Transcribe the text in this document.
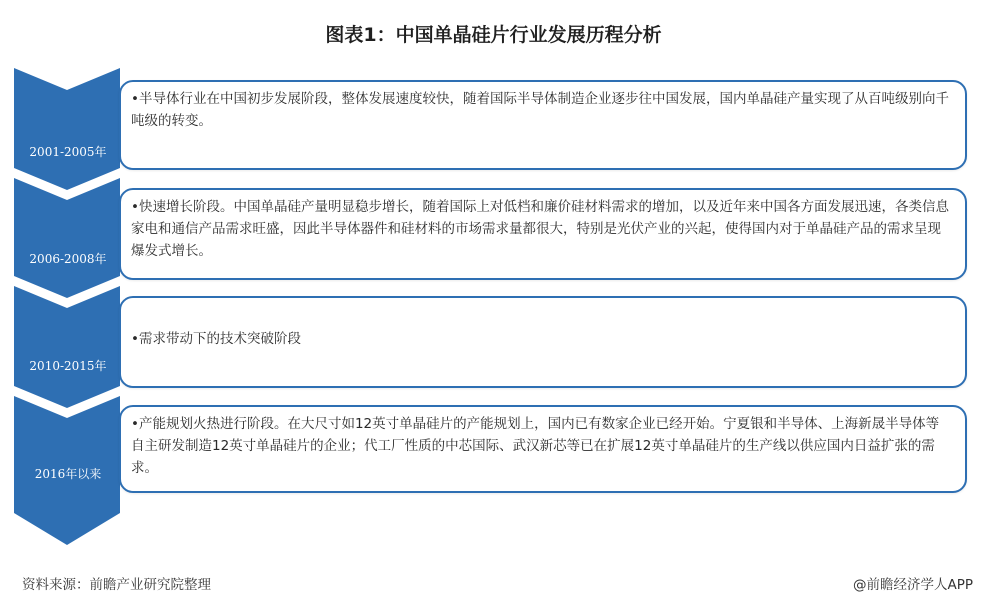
图表1：中国单晶硅片行业发展历程分析
2001-2005年
2006-2008年
2010-2015年
2016年以来
•半导体行业在中国初步发展阶段，整体发展速度较快，随着国际半导体制造企业逐步往中国发展，国内单晶硅产量实现了从百吨级别向千吨级的转变。
•快速增长阶段。中国单晶硅产量明显稳步增长，随着国际上对低档和廉价硅材料需求的增加，以及近年来中国各方面发展迅速，各类信息家电和通信产品需求旺盛，因此半导体器件和硅材料的市场需求量都很大，特别是光伏产业的兴起，使得国内对于单晶硅产品的需求呈现爆发式增长。
•需求带动下的技术突破阶段
•产能规划火热进行阶段。在大尺寸如12英寸单晶硅片的产能规划上，国内已有数家企业已经开始。宁夏银和半导体、上海新晟半导体等自主研发制造12英寸单晶硅片的企业；代工厂性质的中芯国际、武汉新芯等已在扩展12英寸单晶硅片的生产线以供应国内日益扩张的需求。
资料来源：前瞻产业研究院整理	@前瞻经济学人APP
